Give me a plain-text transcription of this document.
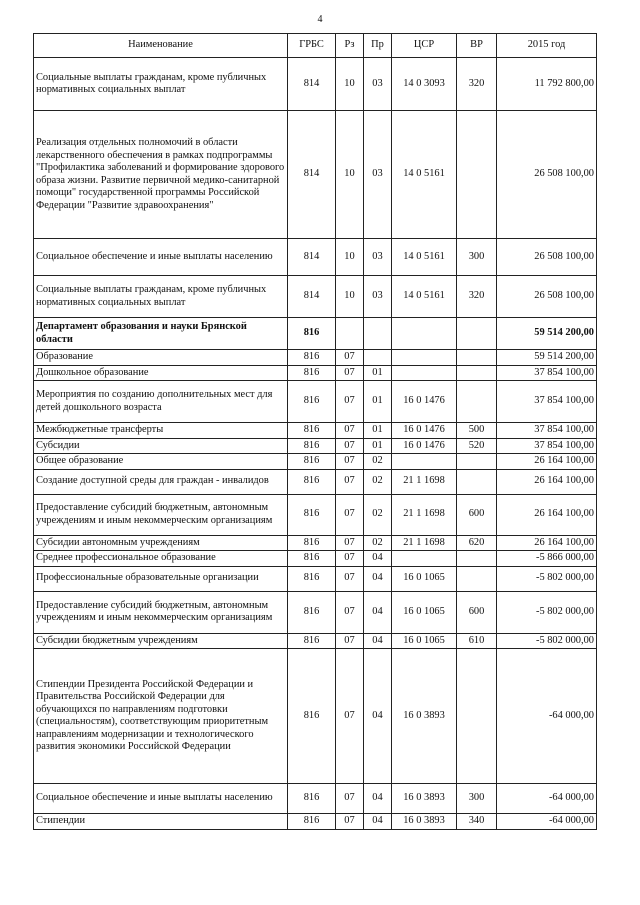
4
Наименование	ГРБС	Рз	Пр	ЦСР	ВР	2015 год
Социальные выплаты гражданам, кроме публичных нормативных социальных выплат	814	10	03	14 0 3093	320	11 792 800,00
Реализация отдельных полномочий в области лекарственного обеспечения в рамках подпрограммы "Профилактика заболеваний и формирование здорового образа жизни. Развитие первичной медико-санитарной помощи" государственной программы Российской Федерации "Развитие здравоохранения"	814	10	03	14 0 5161		26 508 100,00
Социальное обеспечение и иные выплаты населению	814	10	03	14 0 5161	300	26 508 100,00
Социальные выплаты гражданам, кроме публичных нормативных социальных выплат	814	10	03	14 0 5161	320	26 508 100,00
Департамент образования и науки Брянской области	816					59 514 200,00
Образование	816	07				59 514 200,00
Дошкольное образование	816	07	01			37 854 100,00
Мероприятия по созданию дополнительных мест для детей дошкольного возраста	816	07	01	16 0 1476		37 854 100,00
Межбюджетные трансферты	816	07	01	16 0 1476	500	37 854 100,00
Субсидии	816	07	01	16 0 1476	520	37 854 100,00
Общее образование	816	07	02			26 164 100,00
Создание доступной среды для граждан - инвалидов	816	07	02	21 1 1698		26 164 100,00
Предоставление субсидий бюджетным, автономным учреждениям и иным некоммерческим организациям	816	07	02	21 1 1698	600	26 164 100,00
Субсидии автономным учреждениям	816	07	02	21 1 1698	620	26 164 100,00
Среднее профессиональное образование	816	07	04			-5 866 000,00
Профессиональные образовательные организации	816	07	04	16 0 1065		-5 802 000,00
Предоставление субсидий бюджетным, автономным учреждениям и иным некоммерческим организациям	816	07	04	16 0 1065	600	-5 802 000,00
Субсидии бюджетным учреждениям	816	07	04	16 0 1065	610	-5 802 000,00
Стипендии Президента Российской Федерации и Правительства Российской Федерации для обучающихся по направлениям подготовки (специальностям), соответствующим приоритетным направлениям модернизации и технологического развития экономики Российской Федерации	816	07	04	16 0 3893		-64 000,00
Социальное обеспечение и иные выплаты населению	816	07	04	16 0 3893	300	-64 000,00
Стипендии	816	07	04	16 0 3893	340	-64 000,00
